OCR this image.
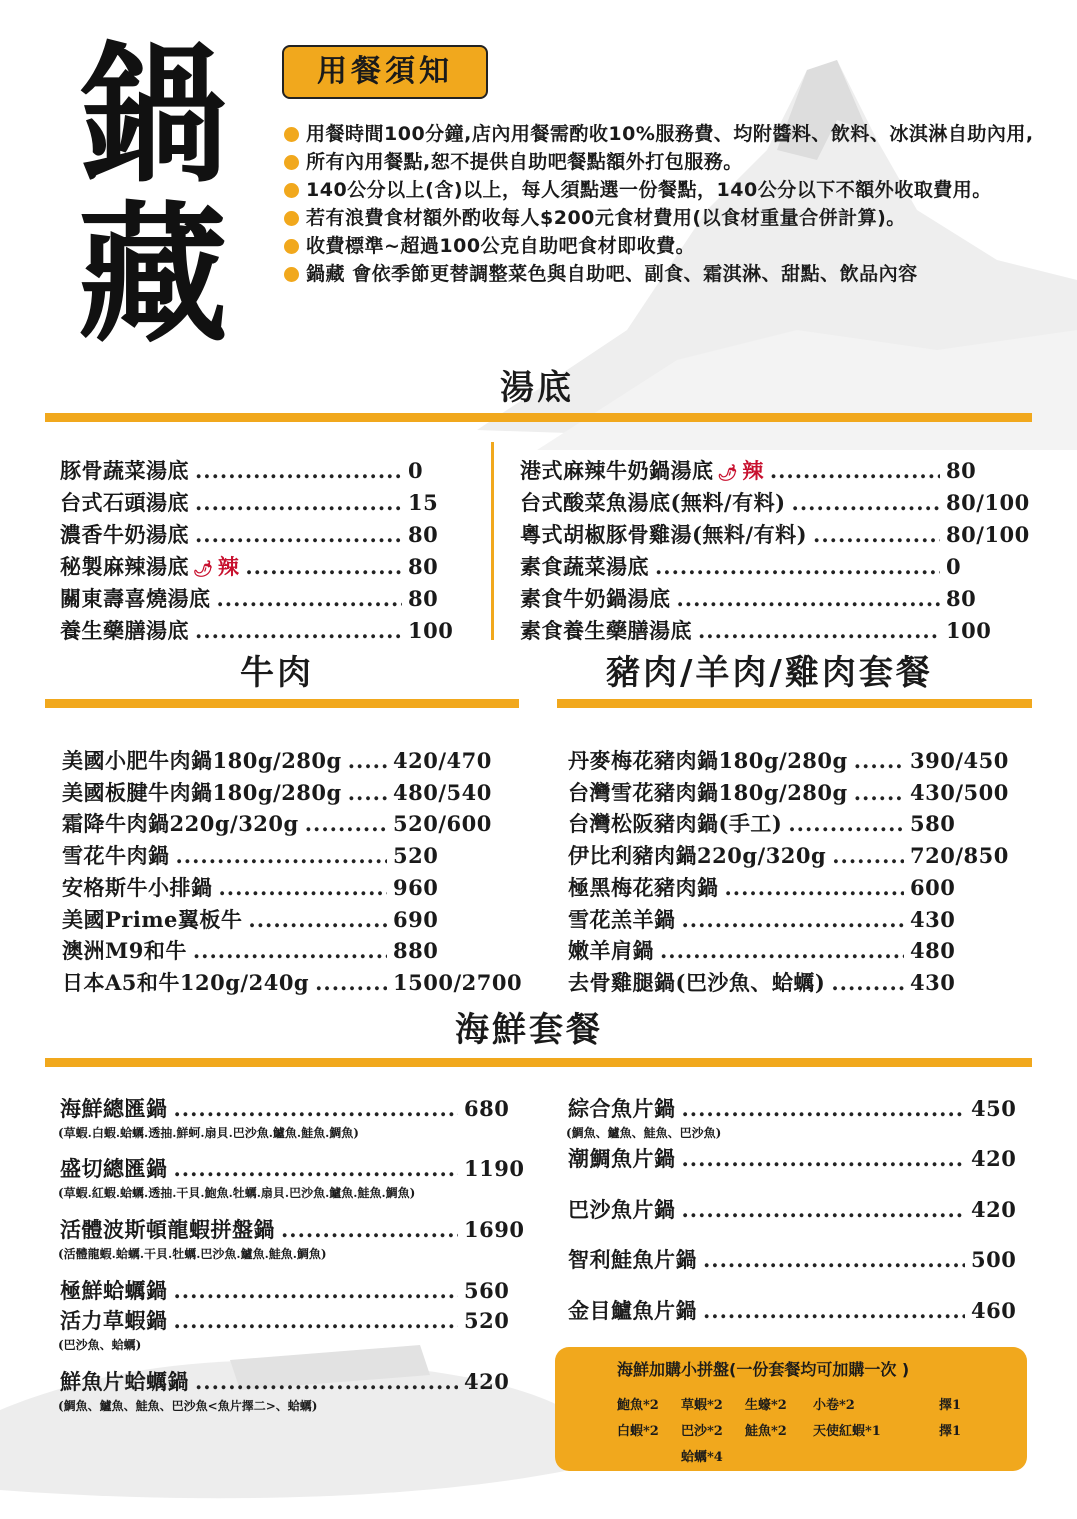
鍋
藏
用餐須知
用餐時間100分鐘,店內用餐需酌收10%服務費、均附醬料、飲料、冰淇淋自助內用,
所有內用餐點,恕不提供自助吧餐點額外打包服務。
140公分以上(含)以上，每人須點選一份餐點，140公分以下不額外收取費用。
若有浪費食材額外酌收每人$200元食材費用(以食材重量合併計算)。
收費標準~超過100公克自助吧食材即收費。
鍋藏 會依季節更替調整菜色與自助吧、副食、霜淇淋、甜點、飲品內容
湯底
豚骨蔬菜湯底 .....	0
台式石頭湯底 .....	15
濃香牛奶湯底 .....	80
秘製麻辣湯底 🌶 辣 .....	80
關東壽喜燒湯底 .....	80
養生藥膳湯底 .....	100
港式麻辣牛奶鍋湯底 🌶 辣 .....	80
台式酸菜魚湯底(無料/有料) .....	80/100
粵式胡椒豚骨雞湯(無料/有料) .....	80/100
素食蔬菜湯底 .....	0
素食牛奶鍋湯底 .....	80
素食養生藥膳湯底 .....	100
牛肉	豬肉/羊肉/雞肉套餐
美國小肥牛肉鍋180g/280g ..... 420/470
美國板腱牛肉鍋180g/280g ..... 480/540
霜降牛肉鍋220g/320g .....	520/600
雪花牛肉鍋 .....	520
安格斯牛小排鍋 .....	960
美國Prime翼板牛 .....	690
澳洲M9和牛 .....	880
日本A5和牛120g/240g .....	1500/2700
丹麥梅花豬肉鍋180g/280g .....	390/450
台灣雪花豬肉鍋180g/280g .....	430/500
台灣松阪豬肉鍋(手工) .....	580
伊比利豬肉鍋220g/320g .....	720/850
極黑梅花豬肉鍋 .....	600
雪花羔羊鍋 .....	430
嫩羊肩鍋 .....	480
去骨雞腿鍋(巴沙魚、蛤蠣) .....	430
海鮮套餐
海鮮總匯鍋 .....	680
(草蝦.白蝦.蛤蠣.透抽.鮮蚵.扇貝.巴沙魚.鱸魚.鮭魚.鯛魚)
盛切總匯鍋 .....	1190
(草蝦.紅蝦.蛤蠣.透抽.干貝.鮑魚.牡蠣.扇貝.巴沙魚.鱸魚.鮭魚.鯛魚)
活體波斯頓龍蝦拼盤鍋 .....	1690
(活體龍蝦.蛤蠣.干貝.牡蠣.巴沙魚.鱸魚.鮭魚.鯛魚)
極鮮蛤蠣鍋 .....	560
活力草蝦鍋 .....	520
(巴沙魚、蛤蠣)
鮮魚片蛤蠣鍋 .....	420
(鯛魚、鱸魚、鮭魚、巴沙魚<魚片擇二>、蛤蠣)
綜合魚片鍋 .....	450
(鯛魚、鱸魚、鮭魚、巴沙魚)
潮鯛魚片鍋 .....	420
巴沙魚片鍋 .....	420
智利鮭魚片鍋 .....	500
金目鱸魚片鍋 .....	460
海鮮加購小拼盤(一份套餐均可加購一次 )
鮑魚*2 草蝦*2 生蠔*2 小卷*2	擇1
白蝦*2 巴沙*2 鮭魚*2 天使紅蝦*1	擇1
蛤蠣*4
